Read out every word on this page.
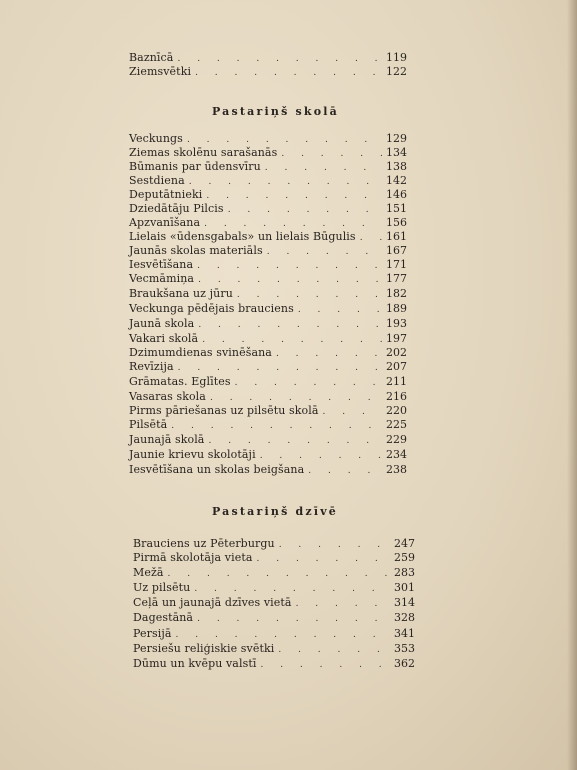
Baznīcā . . .	119
Ziemsvētki . . .	122
Pastariņš skolā
Veckungs . . .	129
Ziemas skolēnu sarašanās . . .	134
Būmanis par ūdensvīru . . .	138
Sestdiena . . .	142
Deputātnieki . . .	146
Dziedātāju Pilcis . . .	151
Apzvanīšana . . .	156
Lielais «ūdensgabals» un lielais Būgulis . . .	161
Jaunās skolas materiāls . . .	167
Iesvētīšana . . .	171
Vecmāmiņa . . .	177
Braukšana uz jūru . . .	182
Veckunga pēdējais brauciens . . .	189
Jaunā skola . . .	193
Vakari skolā . . .	197
Dzimumdienas svinēšana . . .	202
Revīzija . . .	207
Grāmatas. Eglītes . . .	211
Vasaras skola . . .	216
Pirms pāriešanas uz pilsētu skolā . . .	220
Pilsētā . . .	225
Jaunajā skolā . . .	229
Jaunie krievu skolotāji . . .	234
Iesvētīšana un skolas beigšana . . .	238
Pastariņš dzīvē
Brauciens uz Pēterburgu . . .	247
Pirmā skolotāja vieta . . .	259
Mežā . . .	283
Uz pilsētu . . .	301
Ceļā un jaunajā dzīves vietā . . .	314
Dagestānā . . .	328
Persijā . . .	341
Persiešu reliģiskie svētki . . .	353
Dūmu un kvēpu valstī . . .	362
